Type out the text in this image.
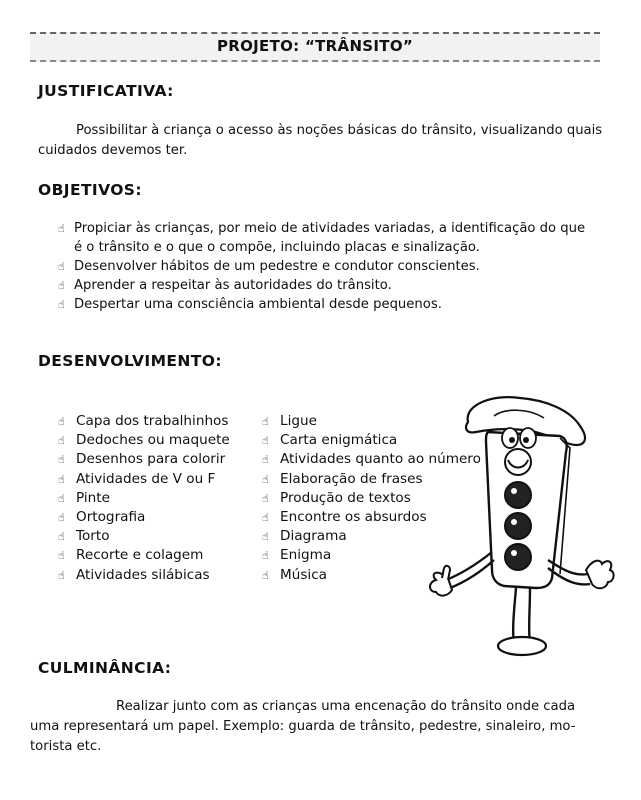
PROJETO: “TRÂNSITO”
JUSTIFICATIVA:
Possibilitar à criança o acesso às noções básicas do trânsito, visualizando quais
cuidados devemos ter.
OBJETIVOS:
☝ Propiciar às crianças, por meio de atividades variadas, a identificação do que
é o trânsito e o que o compõe, incluindo placas e sinalização.
☝ Desenvolver hábitos de um pedestre e condutor conscientes.
☝ Aprender a respeitar às autoridades do trânsito.
☝ Despertar uma consciência ambiental desde pequenos.
DESENVOLVIMENTO:
☝ Capa dos trabalhinhos
☝ Dedoches ou maquete
☝ Desenhos para colorir
☝ Atividades de V ou F
☝ Pinte
☝ Ortografia
☝ Torto
☝ Recorte e colagem
☝ Atividades silábicas
☝ Ligue
☝ Carta enigmática
☝ Atividades quanto ao número
☝ Elaboração de frases
☝ Produção de textos
☝ Encontre os absurdos
☝ Diagrama
☝ Enigma
☝ Música
CULMINÂNCIA:
Realizar junto com as crianças uma encenação do trânsito onde cada
uma representará um papel. Exemplo: guarda de trânsito, pedestre, sinaleiro, mo-
torista etc.
